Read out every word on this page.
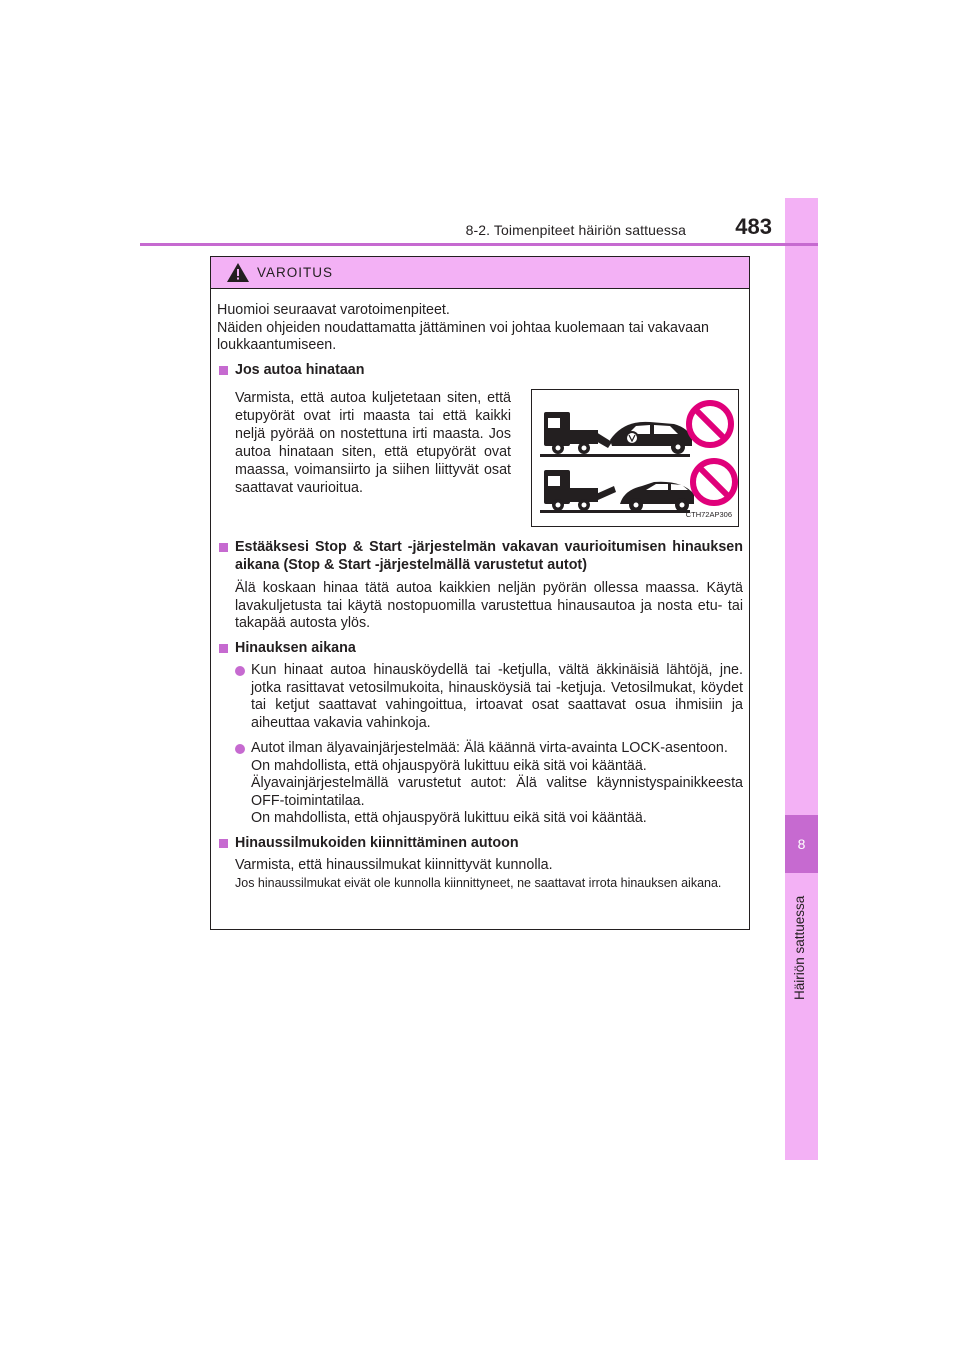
8
Häiriön sattuessa
8-2. Toimenpiteet häiriön sattuessa	483
VAROITUS

Huomioi seuraavat varotoimenpiteet.
Näiden ohjeiden noudattamatta jättäminen voi johtaa kuolemaan tai vakavaan loukkaantumiseen.

Jos autoa hinataan

Varmista, että autoa kuljetetaan siten, että etupyörät ovat irti maasta tai että kaikki neljä pyörää on nostettuna irti maasta. Jos autoa hinataan siten, että etupyörät ovat maassa, voimansiirto ja siihen liittyvät osat saattavat vaurioitua.

CTH72AP306
Estääksesi Stop & Start -järjestelmän vakavan vaurioitumisen hinauksen aikana (Stop & Start -järjestelmällä varustetut autot)

Älä koskaan hinaa tätä autoa kaikkien neljän pyörän ollessa maassa. Käytä lavakuljetusta tai käytä nostopuomilla varustettua hinausautoa ja nosta etu- tai takapää autosta ylös.

Hinauksen aikana
Kun hinaat autoa hinausköydellä tai -ketjulla, vältä äkkinäisiä lähtöjä, jne. jotka rasittavat vetosilmukoita, hinausköysiä tai -ketjuja. Vetosilmukat, köydet tai ketjut saattavat vahingoittua, irtoavat osat saattavat osua ihmisiin ja aiheuttaa vakavia vahinkoja.
Autot ilman älyavainjärjestelmää: Älä käännä virta-avainta LOCK-asentoon.
On mahdollista, että ohjauspyörä lukittuu eikä sitä voi kääntää.
Älyavainjärjestelmällä varustetut autot: Älä valitse käynnistyspainikkeesta OFF-toimintatilaa.
On mahdollista, että ohjauspyörä lukittuu eikä sitä voi kääntää.
Hinaussilmukoiden kiinnittäminen autoon

Varmista, että hinaussilmukat kiinnittyvät kunnolla.

Jos hinaussilmukat eivät ole kunnolla kiinnittyneet, ne saattavat irrota hinauksen aikana.
